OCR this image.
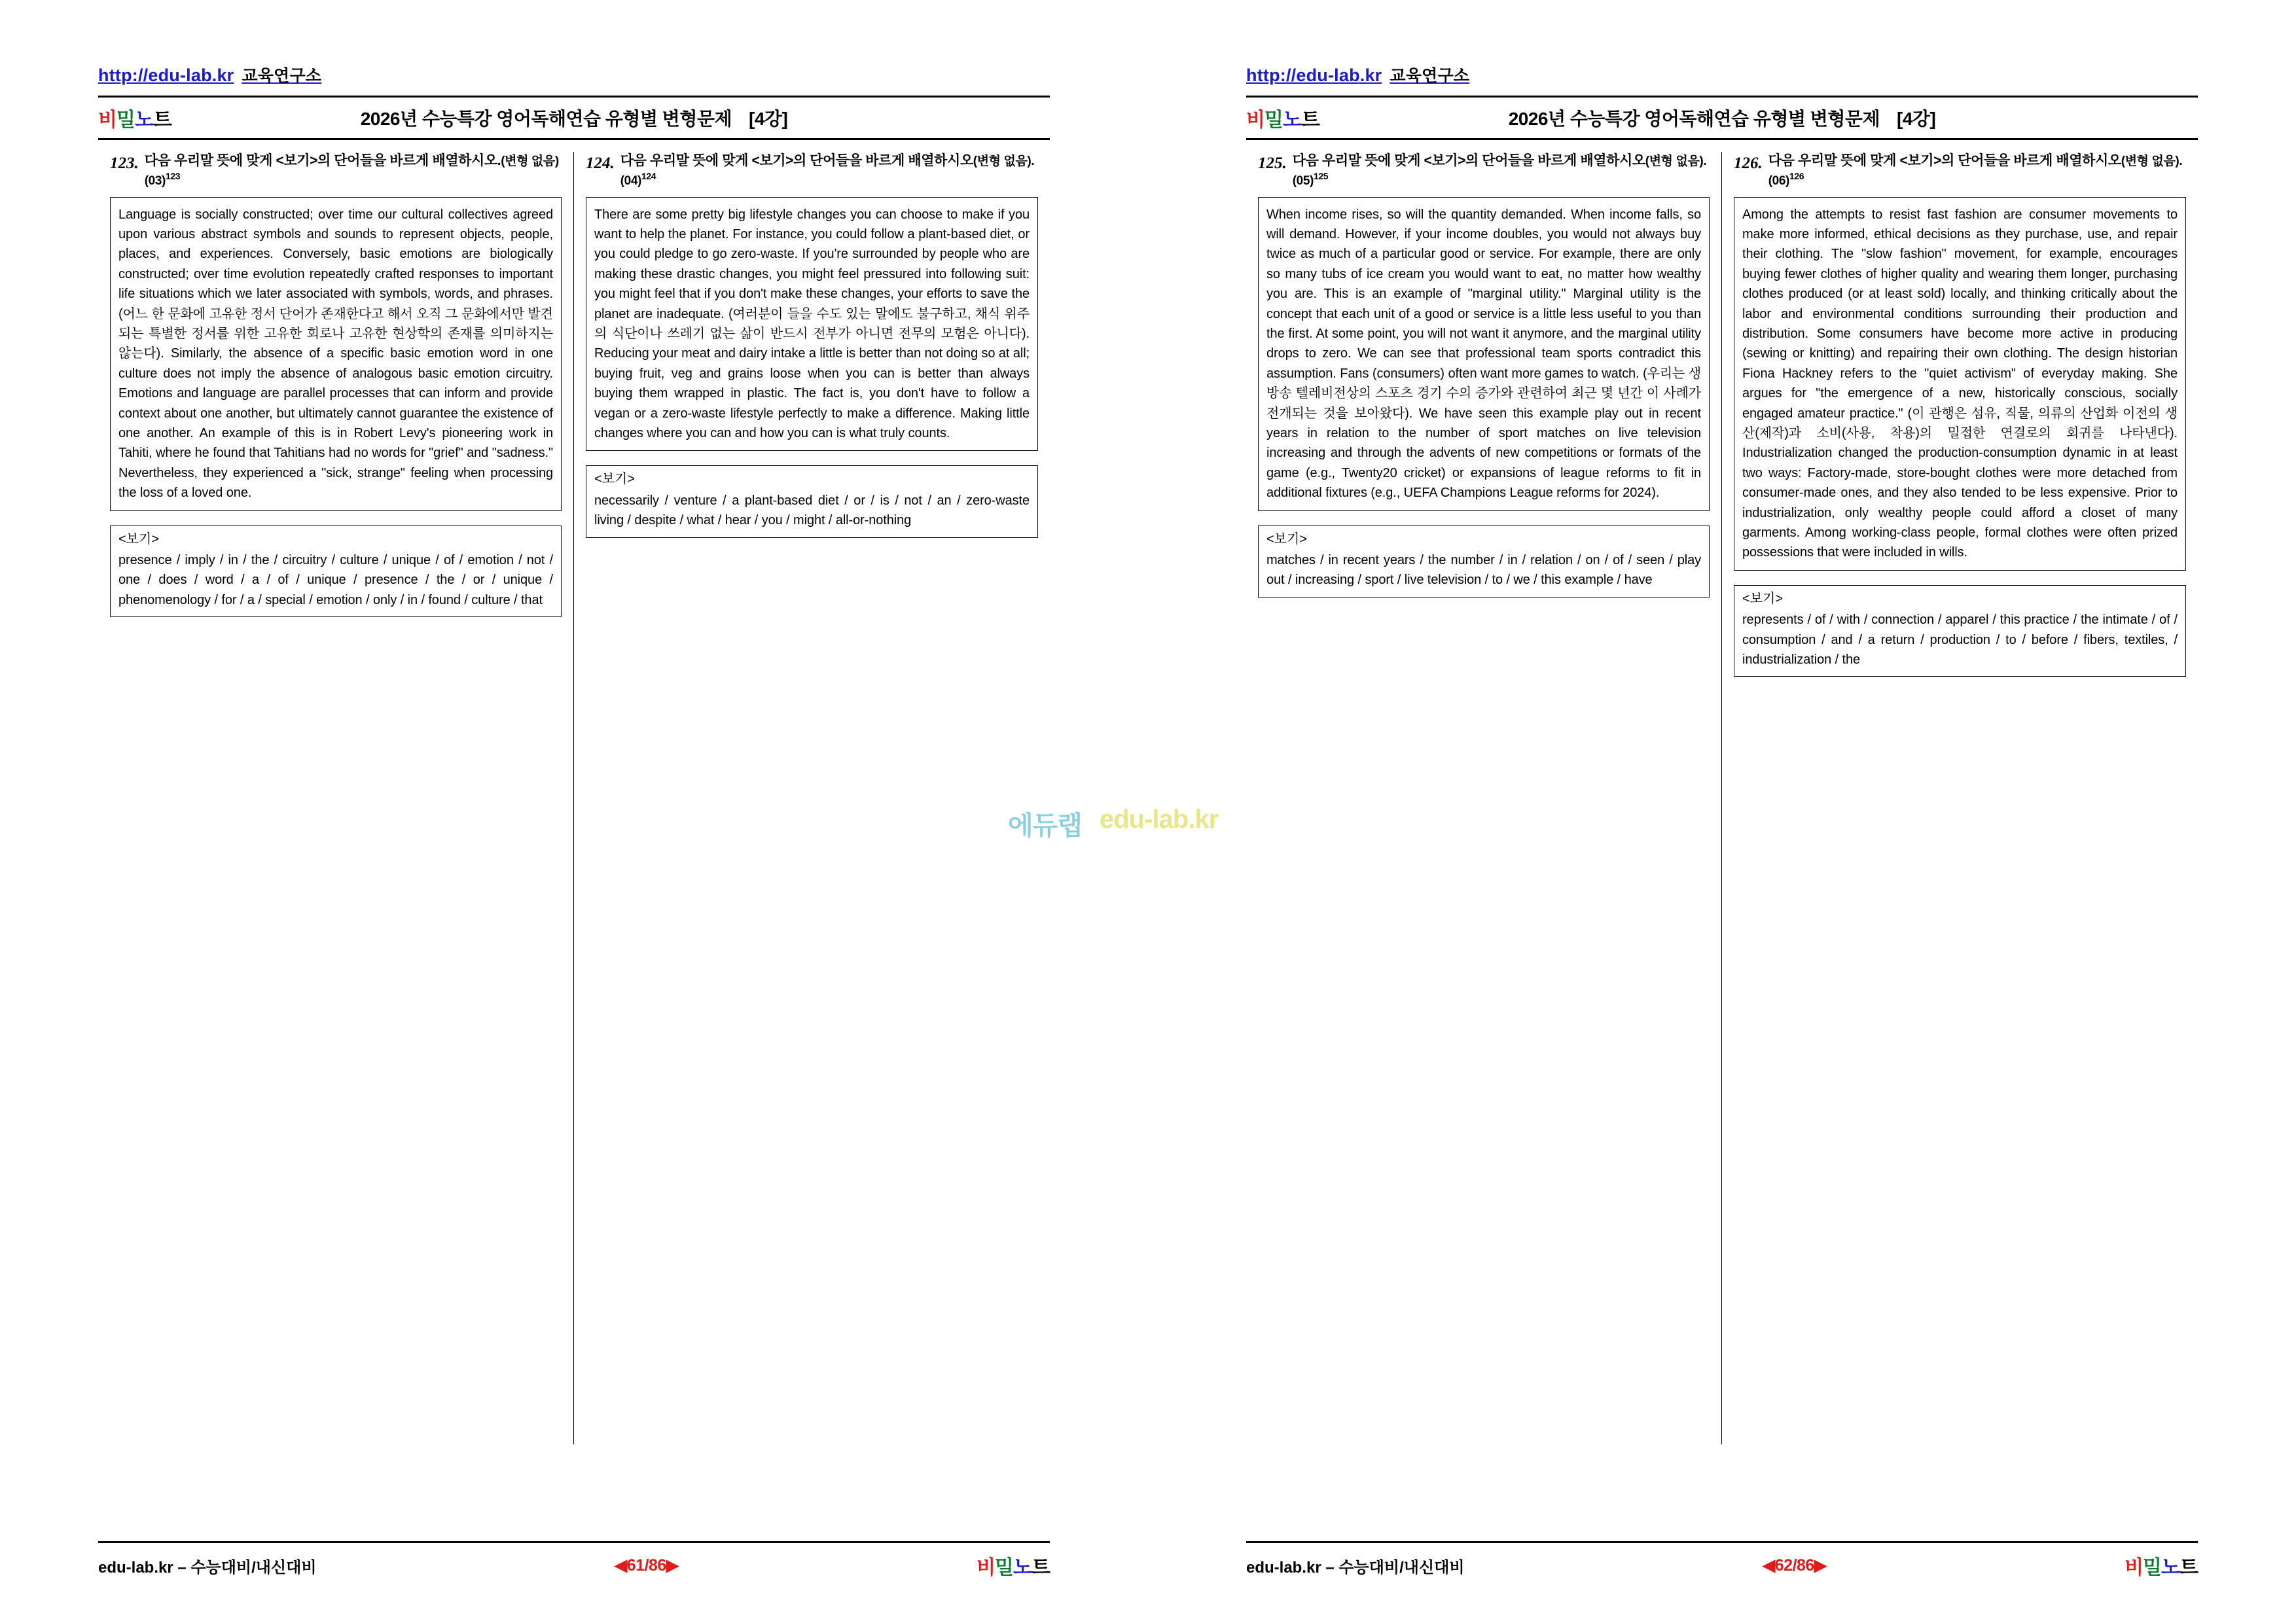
http://edu-lab.kr 교육연구소
비밀노트	2026년 수능특강 영어독해연습 유형별 변형문제 [4강]
123. 다음 우리말 뜻에 맞게 <보기>의 단어들을 바르게 배열하시오.(변형 없음)$(03)^{123}$
Language is socially constructed; over time our cultural collectives agreed upon various abstract symbols and sounds to represent objects, people, places, and experiences. Conversely, basic emotions are biologically constructed; over time evolution repeatedly crafted responses to important life situations which we later associated with symbols, words, and phrases. (어느 한 문화에 고유한 정서 단어가 존재한다고 해서 오직 그 문화에서만 발견되는 특별한 정서를 위한 고유한 회로나 고유한 현상학의 존재를 의미하지는 않는다). Similarly, the absence of a specific basic emotion word in one culture does not imply the absence of analogous basic emotion circuitry. Emotions and language are parallel processes that can inform and provide context about one another, but ultimately cannot guarantee the existence of one another. An example of this is in Robert Levy's pioneering work in Tahiti, where he found that Tahitians had no words for "grief" and "sadness." Nevertheless, they experienced a "sick, strange" feeling when processing the loss of a loved one.
<보기>
presence / imply / in / the / circuitry / culture / unique / of / emotion / not / one / does / word / a / of / unique / presence / the / or / unique / phenomenology / for / a / special / emotion / only / in / found / culture / that
124. 다음 우리말 뜻에 맞게 <보기>의 단어들을 바르게 배열하시오(변형 없음)$.(04)^{124}$
There are some pretty big lifestyle changes you can choose to make if you want to help the planet. For instance, you could follow a plant-based diet, or you could pledge to go zero-waste. If you're surrounded by people who are making these drastic changes, you might feel pressured into following suit: you might feel that if you don't make these changes, your efforts to save the planet are inadequate. (여러분이 들을 수도 있는 말에도 불구하고, 채식 위주의 식단이나 쓰레기 없는 삶이 반드시 전부가 아니면 전무의 모험은 아니다). Reducing your meat and dairy intake a little is better than not doing so at all; buying fruit, veg and grains loose when you can is better than always buying them wrapped in plastic. The fact is, you don't have to follow a vegan or a zero-waste lifestyle perfectly to make a difference. Making little changes where you can and how you can is what truly counts.
<보기>
necessarily / venture / a plant-based diet / or / is / not / an / zero-waste living / despite / what / hear / you / might / all-or-nothing
edu-lab.kr – 수능대비/내신대비	◀61/86▶	비밀노트
http://edu-lab.kr 교육연구소
비밀노트	2026년 수능특강 영어독해연습 유형별 변형문제 [4강]
125. 다음 우리말 뜻에 맞게 <보기>의 단어들을 바르게 배열하시오(변형 없음)$.(05)^{125}$
When income rises, so will the quantity demanded. When income falls, so will demand. However, if your income doubles, you would not always buy twice as much of a particular good or service. For example, there are only so many tubs of ice cream you would want to eat, no matter how wealthy you are. This is an example of "marginal utility." Marginal utility is the concept that each unit of a good or service is a little less useful to you than the first. At some point, you will not want it anymore, and the marginal utility drops to zero. We can see that professional team sports contradict this assumption. Fans (consumers) often want more games to watch. (우리는 생방송 텔레비전상의 스포츠 경기 수의 증가와 관련하여 최근 몇 년간 이 사례가 전개되는 것을 보아왔다). We have seen this example play out in recent years in relation to the number of sport matches on live television increasing and through the advents of new competitions or formats of the game (e.g., Twenty20 cricket) or expansions of league reforms to fit in additional fixtures (e.g., UEFA Champions League reforms for 2024).
<보기>
matches / in recent years / the number / in / relation / on / of / seen / play out / increasing / sport / live television / to / we / this example / have
126. 다음 우리말 뜻에 맞게 <보기>의 단어들을 바르게 배열하시오(변형 없음)$.(06)^{126}$
Among the attempts to resist fast fashion are consumer movements to make more informed, ethical decisions as they purchase, use, and repair their clothing. The "slow fashion" movement, for example, encourages buying fewer clothes of higher quality and wearing them longer, purchasing clothes produced (or at least sold) locally, and thinking critically about the labor and environmental conditions surrounding their production and distribution. Some consumers have become more active in producing (sewing or knitting) and repairing their own clothing. The design historian Fiona Hackney refers to the "quiet activism" of everyday making. She argues for "the emergence of a new, historically conscious, socially engaged amateur practice." (이 관행은 섬유, 직물, 의류의 산업화 이전의 생산(제작)과 소비(사용, 착용)의 밀접한 연결로의 회귀를 나타낸다). Industrialization changed the production-consumption dynamic in at least two ways: Factory-made, store-bought clothes were more detached from consumer-made ones, and they also tended to be less expensive. Prior to industrialization, only wealthy people could afford a closet of many garments. Among working-class people, formal clothes were often prized possessions that were included in wills.
<보기>
represents / of / with / connection / apparel / this practice / the intimate / of / consumption / and / a return / production / to / before / fibers, textiles, / industrialization / the
edu-lab.kr – 수능대비/내신대비	◀62/86▶	비밀노트
에듀랩 edu-lab.kr
